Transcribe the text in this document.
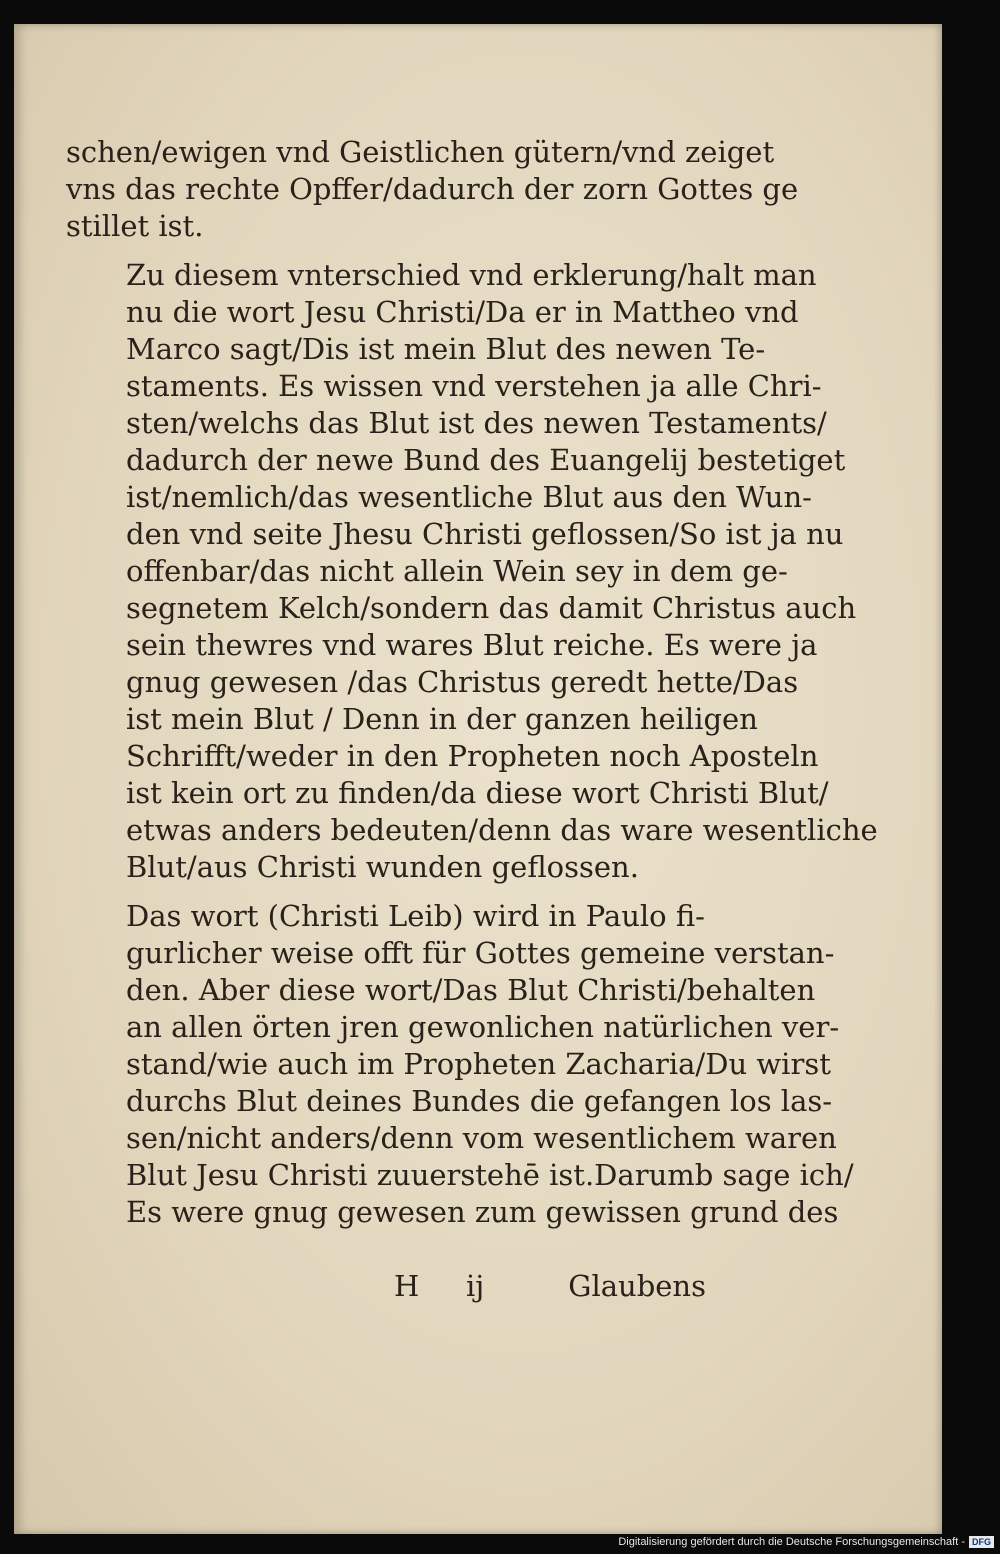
schen/ewigen vnd Geistlichen gütern/vnd zeiget
vns das rechte Opffer/dadurch der zorn Gottes ge
stillet ist.

Zu diesem vnterschied vnd erklerung/halt man
nu die wort Jesu Christi/Da er in Mattheo vnd
Marco sagt/Dis ist mein Blut des newen Te-
staments. Es wissen vnd verstehen ja alle Chri-
sten/welchs das Blut ist des newen Testaments/
dadurch der newe Bund des Euangelij bestetiget
ist/nemlich/das wesentliche Blut aus den Wun-
den vnd seite Jhesu Christi geflossen/So ist ja nu
offenbar/das nicht allein Wein sey in dem ge-
segnetem Kelch/sondern das damit Christus auch
sein thewres vnd wares Blut reiche. Es were ja
gnug gewesen /das Christus geredt hette/Das
ist mein Blut / Denn in der ganzen heiligen
Schrifft/weder in den Propheten noch Aposteln
ist kein ort zu finden/da diese wort Christi Blut/
etwas anders bedeuten/denn das ware wesentliche
Blut/aus Christi wunden geflossen.

Das wort (Christi Leib) wird in Paulo fi-
gurlicher weise offt für Gottes gemeine verstan-
den. Aber diese wort/Das Blut Christi/behalten
an allen örten jren gewonlichen natürlichen ver-
stand/wie auch im Propheten Zacharia/Du wirst
durchs Blut deines Bundes die gefangen los las-
sen/nicht anders/denn vom wesentlichem waren
Blut Jesu Christi zuuerstehē ist.Darumb sage ich/
Es were gnug gewesen zum gewissen grund des

H ij	Glaubens
Digitalisierung gefördert durch die Deutsche Forschungsgemeinschaft - DFG
